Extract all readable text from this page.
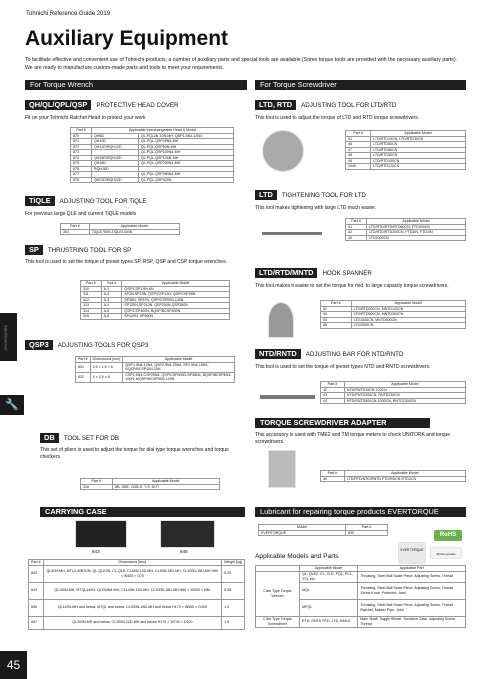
Tohnichi Reference Guide 2019
Auxiliary Equipment
To facilitate effective and convenient use of Tohnichi products, a number of auxiliary parts and special tools are available (Some torque tools are provided with the necessary auxiliary parts). We are ready to manufacture custom-made parts and tools to meet your requirements.
For Torque Wrench	For Torque Screwdriver
Accessories
🔧
45
QH/QL/QPL/QSP	PROTECTIVE HEAD COVER
Fit on your Tohnichi Ratchet Head to protect your work
Part #	Applicable Interchangeable Head & Model	
870	QH6D	QL,PQL2N-10N-MH, QSP1.5N4-12N4
871	QH10D	QL-PQL-QSP25N5-MH
872	QH12D/RQH12D	QL-PQL-QSP50N-MH
873		QL-PQL-QSP100N4-MH
874	QH15D/RQH15D	QL-PQL-QSP140N-MH
875	QH18D	QL-PQL-QSP200N4-MH
876	RQH18D	
877		QL-PQL-QSP280N4-MH
878	QH22D/RQH22D	QL-PQL-QSP420N
TiQLE	ADJUSTING TOOL FOR TiQLE
For previous large QLE and current TiQLE models
Part #	Applicable Model
301	TiQLE750N-TiQLE1400N
SP	THRUSTRING TOOL FOR SP
This tool is used to set the torque of preset types SP, RSP, QSP and CSP torque wrenches.
Part #	Tool #	Applicable Model
310	A-1	QSP/CSP1.5N-6N
311	A-2	SP2N-SP19N, QSP/CSP12N, QSP/CSP28N
312	A-3	SP38N, SP67N, QSP/CSP50N-140N
313	A-4	SP120N-SP210N, QSP200N-QSP280N
314	A-5	QSP/CSP400N, BQSP/BCSP400N
315	A-6	SP420N, SP560N
QSP3	ADJUSTING TOOLS FOR QSP3
Part #	Dimensions [mm]	Applicable Model
831	2.5 × 1.5 × 6	QSP1.5N4-12N4, QSP2.5N4-25N4, SP2.5N4-15N4, BQSP/BCSP10N-20N
832	4 × 2.5 × 8	CSP1.5N4-CSP25N4, QSP/CSP50N3-SP38N4, BQSP/BCSP40N-100N, MQSP/MCSP50N-100N
DB	TOOL SET FOR DB
This set of pliers is used to adjust the torque for dial type torque wrenches and torque checkers.
Part #	Applicable Model
316	DB, DBE, CDB-S, T-S, DOT
CARRYING CASE
842	846
Part #	Dimensions [mm]	Weight [kg]
842	QL50N-MH, MTQL40N7DN, QL-QLE2N, CL-QLE, CL50N-10D-MH, CL50N-15D-MH, CL100N-15D-MH H60 × W400 × D70	0.25
843	QL140N-MH, MTQL140N, QL200N4-MH, CL140N-15D-MH, CL200N-18D-MH H60 × W500 × D80	0.38
846	QL140N-MH and below, MTQL and below, CL200N-18D-MH and below H170 × W500 × D100	1.0
847	QL200N-MH and below, CL200N-22D-MH and below H170 × W740 × D100	1.6
LTD, RTD	ADJUSTING TOOL FOR LTD/RTD
This tool is used to adjust the torque of LTD and RTD torque screwdrivers.
Part #	Applicable Model
51	LTD/RTD15CN, LTD/RTD30CN
46	LTD/RTD60CN
47	LTD/RTD80CN
48	LTD/RTD50CN
49	LTD/RTD100CN
1046	LTD/RTD120CN
LTD	TIGHTENING TOOL FOR LTD
This tool makes tightening with large LTD much easier.
Part #	Applicable Model
31	LTD/RTD/RTD/RTD60CN, FTD400CN
32	LTD/RTD/RTD200CN, FTD4IN, FTD1IN
40	LTD2000CN
LTD/RTD/MNTD	HOOK SPANNER
This tool makes it easier to set the torque for mid. to large capacity torque screwdrivers.
Part #	Applicable Model
52	LTD/RTD200CN, MNTD120CN
53	LTD/RTD500CN, MNTD300CN
54	LTD1000CN, MNTD600CN
55	LTD2000CN
NTD/RNTD	ADJUSTING BAR FOR NTD/RNTD
This tool is used to set the torque of preset types NTD and RNTD screwdrivers.
Part #	Applicable Model
42	NTD/RNTD15CN-120CN
43	NTD/RNTD200CN, RNTD230CN
44	NTD/RNTD500CN-1000CN, RNTD2300CN
TORQUE SCREWDRIVER ADAPTER
This accessory is used with TME2 and TM torque meters to check UNITORK and torque screwdrivers.
Part #	Applicable Model
30	LTD/RTD/NTD/RNTD FTD/RDCN-RTD2CN
Lubricant for repairing torque products EVERTORQUE
Model	Part #
EVERTORQUE	830	RoHS
EVER TORQUE
Shinko grease
Applicable Models and Parts
	Applicable Model	Applicable Part
Click Type Torque Wrench	QL, QLE2, CL, CLE, PQL, PCL, YCL etc.	Thrusting, Steel Ball Scale Piece, Adjusting Screw, Thread
	MQL	Thrusting, Steel Ball Scale Piece, Adjusting Screw, Thread Screw Knob, Protector, Joint
	MPQL	Thrusting, Steel Ball Scale Piece, Adjusting Screw, Thread Ratchet, Marker Pipe, Joint
Click Type Torque Screwdriver	RTD, RNTD RTD, LTD, BMLD	Main Shaft, Toggle Wheel, Serration Case, Adjusting Screw, Thread
